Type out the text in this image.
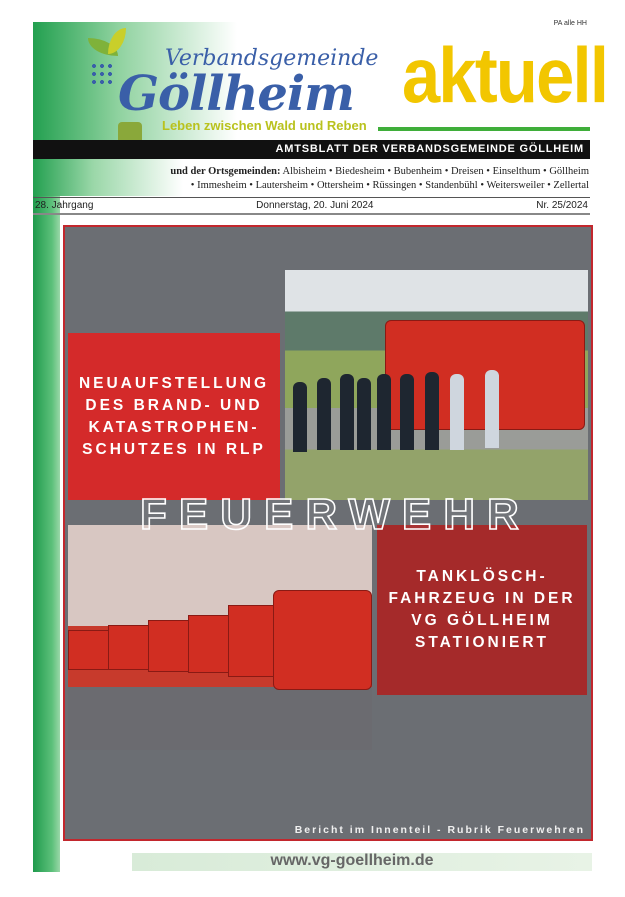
PA alle HH
Verbandsgemeinde
Göllheim
Leben zwischen Wald und Reben
aktuell
AMTSBLATT DER VERBANDSGEMEINDE GÖLLHEIM
und der Ortsgemeinden: Albisheim • Biedesheim • Bubenheim • Dreisen • Einselthum • Göllheim
• Immesheim • Lautersheim • Ottersheim • Rüssingen • Standenbühl • Weitersweiler • Zellertal
28. Jahrgang	Donnerstag, 20. Juni 2024	Nr. 25/2024
NEUAUFSTELLUNG DES BRAND- UND KATASTROPHEN-SCHUTZES IN RLP
TANKLÖSCH-FAHRZEUG IN DER VG GÖLLHEIM STATIONIERT
FEUERWEHR
Bericht im Innenteil - Rubrik Feuerwehren
www.vg-goellheim.de
